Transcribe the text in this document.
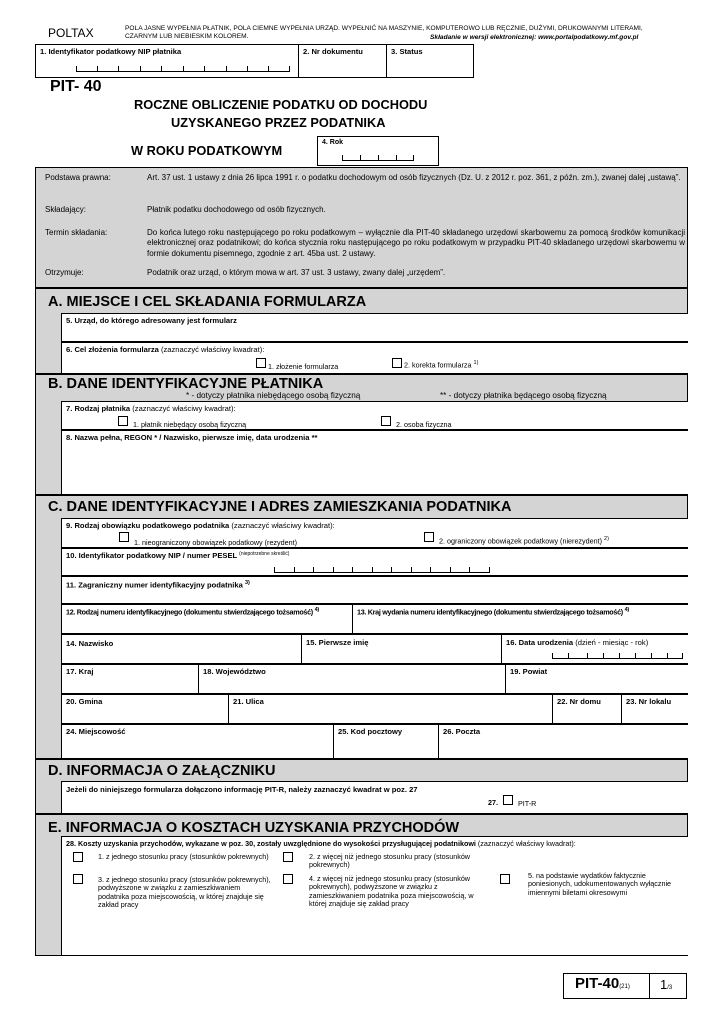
POLTAX	POLA JASNE WYPEŁNIA PŁATNIK, POLA CIEMNE WYPEŁNIA URZĄD. WYPEŁNIĆ NA MASZYNIE, KOMPUTEROWO LUB RĘCZNIE, DUŻYMI, DRUKOWANYMI LITERAMI, CZARNYM LUB NIEBIESKIM KOLOREM.	Składanie w wersji elektronicznej: www.portalpodatkowy.mf.gov.pl
1. Identyfikator podatkowy NIP płatnika	2. Nr dokumentu	3. Status
PIT- 40
ROCZNE OBLICZENIE PODATKU OD DOCHODU
UZYSKANEGO PRZEZ PODATNIKA
W ROKU PODATKOWYM
4. Rok
Podstawa prawna:	Art. 37 ust. 1 ustawy z dnia 26 lipca 1991 r. o podatku dochodowym od osób fizycznych (Dz. U. z 2012 r. poz. 361, z późn. zm.), zwanej dalej „ustawą”.
Składający:	Płatnik podatku dochodowego od osób fizycznych.
Termin składania:	Do końca lutego roku następującego po roku podatkowym – wyłącznie dla PIT-40 składanego urzędowi skarbowemu za pomocą środków komunikacji elektronicznej oraz podatnikowi; do końca stycznia roku następującego po roku podatkowym w przypadku PIT-40 składanego urzędowi skarbowemu w formie dokumentu pisemnego, zgodnie z art. 45ba ust. 2 ustawy.
Otrzymuje:	Podatnik oraz urząd, o którym mowa w art. 37 ust. 3 ustawy, zwany dalej „urzędem”.
A. MIEJSCE I CEL SKŁADANIA FORMULARZA
5. Urząd, do którego adresowany jest formularz
6. Cel złożenia formularza (zaznaczyć właściwy kwadrat):
1. złożenie formularza	2. korekta formularza $^{1)}$
B. DANE IDENTYFIKACYJNE PŁATNIKA
* - dotyczy płatnika niebędącego osobą fizyczną	** - dotyczy płatnika będącego osobą fizyczną
7. Rodzaj płatnika (zaznaczyć właściwy kwadrat):
1. płatnik niebędący osobą fizyczną	2. osoba fizyczna
8. Nazwa pełna, REGON * / Nazwisko, pierwsze imię, data urodzenia **
C. DANE IDENTYFIKACYJNE I ADRES ZAMIESZKANIA PODATNIKA
9. Rodzaj obowiązku podatkowego podatnika (zaznaczyć właściwy kwadrat):
1. nieograniczony obowiązek podatkowy (rezydent)	2. ograniczony obowiązek podatkowy (nierezydent) $^{2)}$
10. Identyfikator podatkowy NIP / numer PESEL $^{(niepotrzebne skreślić)}$
11. Zagraniczny numer identyfikacyjny podatnika $^{3)}$
12. Rodzaj numeru identyfikacyjnego (dokumentu stwierdzającego tożsamość) $^{4)}$	13. Kraj wydania numeru identyfikacyjnego (dokumentu stwierdzającego tożsamość) $^{4)}$
14. Nazwisko	15. Pierwsze imię	16. Data urodzenia (dzień - miesiąc - rok)
17. Kraj	18. Województwo	19. Powiat
20. Gmina	21. Ulica	22. Nr domu	23. Nr lokalu
24. Miejscowość	25. Kod pocztowy	26. Poczta
D. INFORMACJA O ZAŁĄCZNIKU
Jeżeli do niniejszego formularza dołączono informację PIT-R, należy zaznaczyć kwadrat w poz. 27
27.	PIT-R
E. INFORMACJA O KOSZTACH UZYSKANIA PRZYCHODÓW
28. Koszty uzyskania przychodów, wykazane w poz. 30, zostały uwzględnione do wysokości przysługującej podatnikowi (zaznaczyć właściwy kwadrat):
1. z jednego stosunku pracy (stosunków pokrewnych)	2. z więcej niż jednego stosunku pracy (stosunków pokrewnych)
3. z jednego stosunku pracy (stosunków pokrewnych), podwyższone w związku z zamieszkiwaniem podatnika poza miejscowością, w której znajduje się zakład pracy
4. z więcej niż jednego stosunku pracy (stosunków pokrewnych), podwyższone w związku z zamieszkiwaniem podatnika poza miejscowością, w której znajduje się zakład pracy
5. na podstawie wydatków faktycznie poniesionych, udokumentowanych wyłącznie imiennymi biletami okresowymi
PIT-40(21) 1/3
